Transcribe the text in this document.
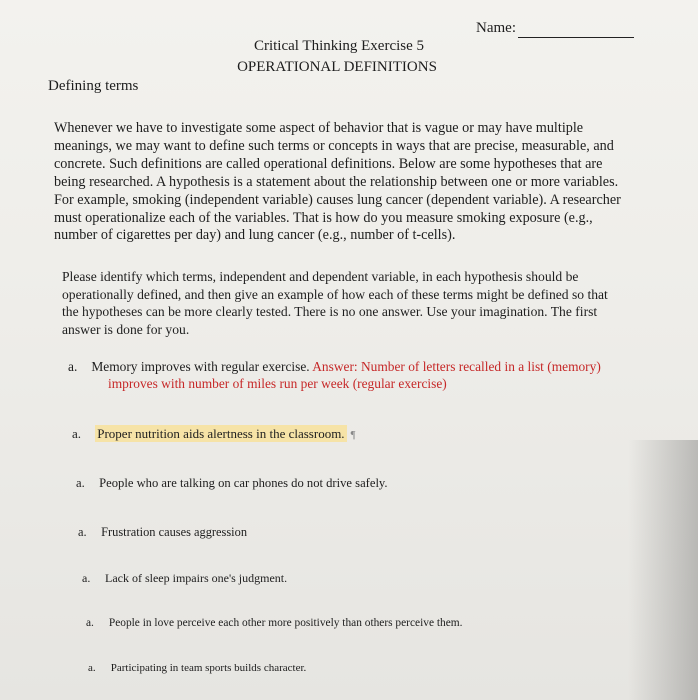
Name:
Critical Thinking Exercise 5
OPERATIONAL DEFINITIONS
Defining terms
Whenever we have to investigate some aspect of behavior that is vague or may have multiple meanings, we may want to define such terms or concepts in ways that are precise, measurable, and concrete. Such definitions are called operational definitions. Below are some hypotheses that are being researched. A hypothesis is a statement about the relationship between one or more variables. For example, smoking (independent variable) causes lung cancer (dependent variable). A researcher must operationalize each of the variables. That is how do you measure smoking exposure (e.g., number of cigarettes per day) and lung cancer (e.g., number of t-cells).
Please identify which terms, independent and dependent variable, in each hypothesis should be operationally defined, and then give an example of how each of these terms might be defined so that the hypotheses can be more clearly tested. There is no one answer. Use your imagination. The first answer is done for you.
a. Memory improves with regular exercise. Answer: Number of letters recalled in a list (memory)
improves with number of miles run per week (regular exercise)
a. Proper nutrition aids alertness in the classroom. ¶
a. People who are talking on car phones do not drive safely.
a. Frustration causes aggression
a. Lack of sleep impairs one's judgment.
a. People in love perceive each other more positively than others perceive them.
a. Participating in team sports builds character.
